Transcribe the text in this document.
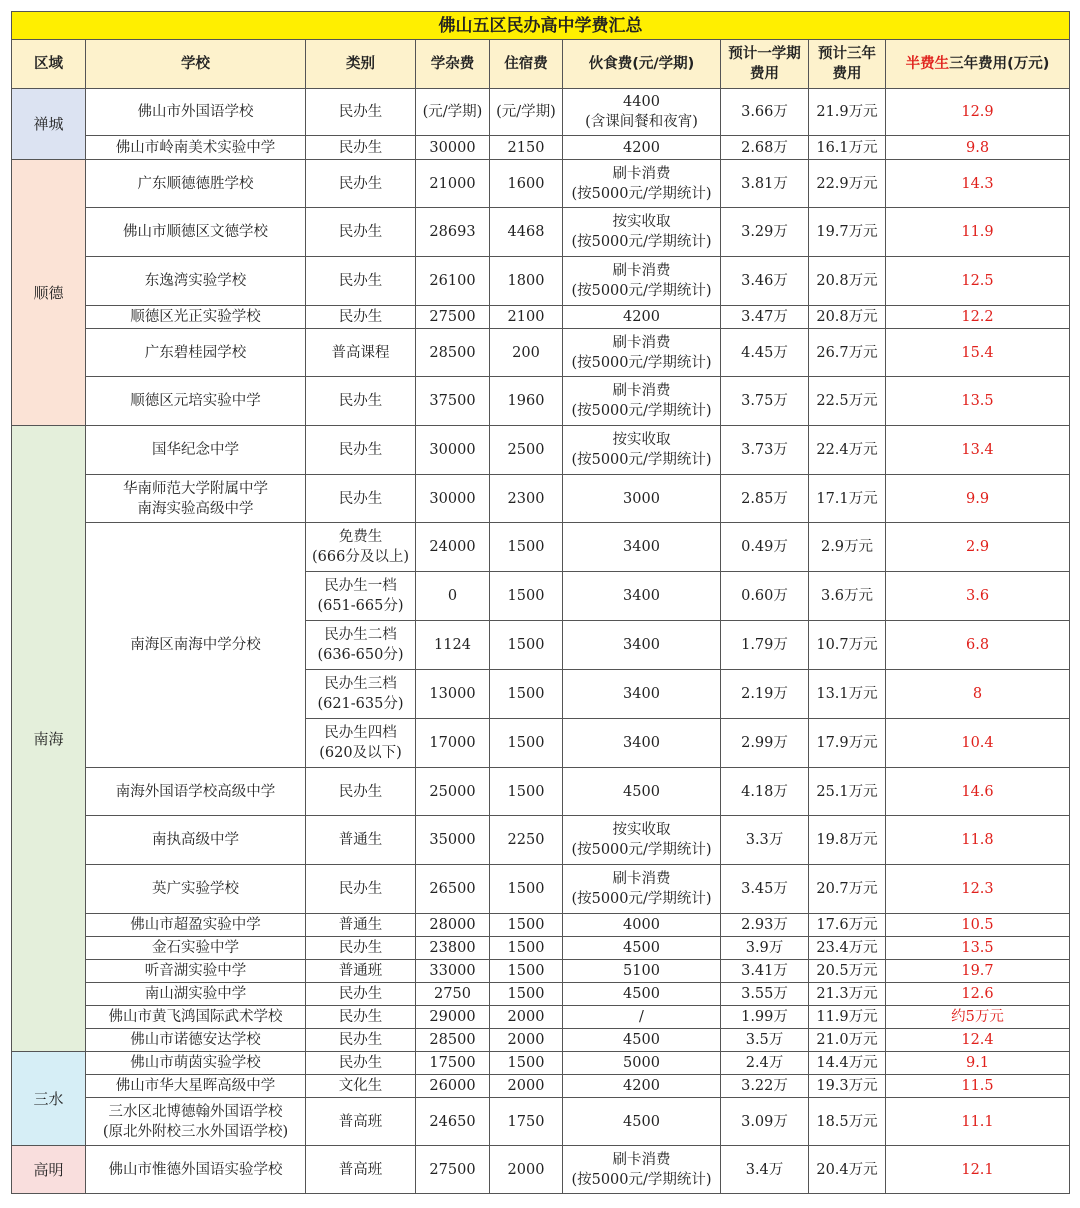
佛山五区民办高中学费汇总								
区域	学校	类别	学杂费	住宿费	伙食费(元/学期)	预计一学期
费用	预计三年
费用	半费生三年费用(万元)
禅城	佛山市外国语学校	民办生	(元/学期)	(元/学期)	4400
(含课间餐和夜宵)	3.66万	21.9万元	12.9

	佛山市岭南美术实验中学	民办生	30000	2150	4200	2.68万	16.1万元	9.8
顺德	广东顺德德胜学校	民办生	21000	1600	刷卡消费
(按5000元/学期统计)	3.81万	22.9万元	14.3

	佛山市顺德区文德学校	民办生	28693	4468	按实收取
(按5000元/学期统计)	3.29万	19.7万元	11.9

	东逸湾实验学校	民办生	26100	1800	刷卡消费
(按5000元/学期统计)	3.46万	20.8万元	12.5

	顺德区光正实验学校	民办生	27500	2100	4200	3.47万	20.8万元	12.2

	广东碧桂园学校	普高课程	28500	200	刷卡消费
(按5000元/学期统计)	4.45万	26.7万元	15.4

	顺德区元培实验中学	民办生	37500	1960	刷卡消费
(按5000元/学期统计)	3.75万	22.5万元	13.5
南海	国华纪念中学	民办生	30000	2500	按实收取
(按5000元/学期统计)	3.73万	22.4万元	13.4

	华南师范大学附属中学
南海实验高级中学	民办生	30000	2300	3000	2.85万	17.1万元	9.9

	南海区南海中学分校	免费生
(666分及以上)	24000	1500	3400	0.49万	2.9万元	2.9

		民办生一档
(651-665分)	0	1500	3400	0.60万	3.6万元	3.6

		民办生二档
(636-650分)	1124	1500	3400	1.79万	10.7万元	6.8

		民办生三档
(621-635分)	13000	1500	3400	2.19万	13.1万元	8

		民办生四档
(620及以下)	17000	1500	3400	2.99万	17.9万元	10.4

	南海外国语学校高级中学	民办生	25000	1500	4500	4.18万	25.1万元	14.6

	南执高级中学	普通生	35000	2250	按实收取
(按5000元/学期统计)	3.3万	19.8万元	11.8

	英广实验学校	民办生	26500	1500	刷卡消费
(按5000元/学期统计)	3.45万	20.7万元	12.3

	佛山市超盈实验中学	普通生	28000	1500	4000	2.93万	17.6万元	10.5

	金石实验中学	民办生	23800	1500	4500	3.9万	23.4万元	13.5

	听音湖实验中学	普通班	33000	1500	5100	3.41万	20.5万元	19.7

	南山湖实验中学	民办生	2750	1500	4500	3.55万	21.3万元	12.6

	佛山市黄飞鸿国际武术学校	民办生	29000	2000	/	1.99万	11.9万元	约5万元

	佛山市诺德安达学校	民办生	28500	2000	4500	3.5万	21.0万元	12.4
三水	佛山市萌茵实验学校	民办生	17500	1500	5000	2.4万	14.4万元	9.1

	佛山市华大星晖高级中学	文化生	26000	2000	4200	3.22万	19.3万元	11.5

	三水区北博德翰外国语学校
(原北外附校三水外国语学校)	普高班	24650	1750	4500	3.09万	18.5万元	11.1
高明	佛山市惟德外国语实验学校	普高班	27500	2000	刷卡消费
(按5000元/学期统计)	3.4万	20.4万元	12.1
